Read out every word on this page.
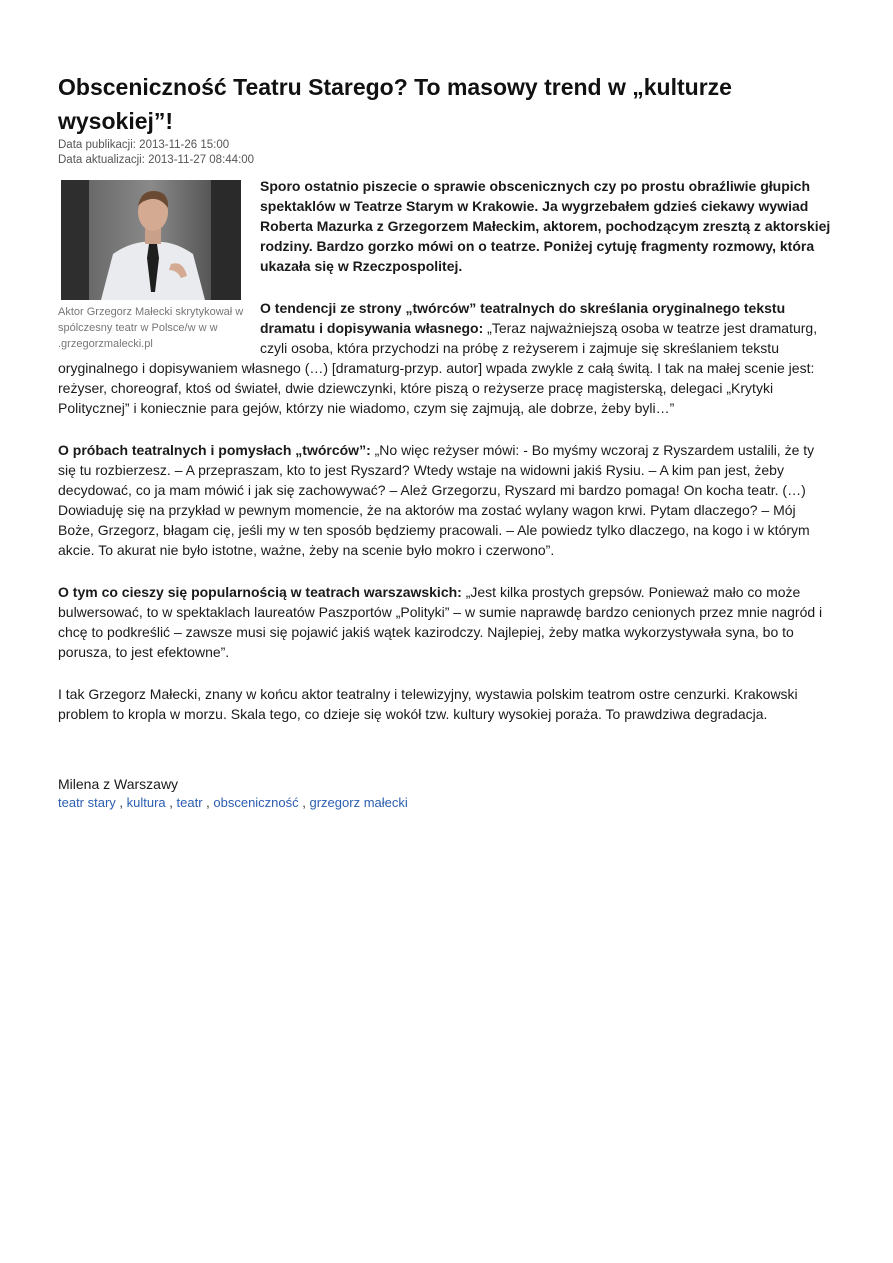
Obsceniczność Teatru Starego? To masowy trend w „kulturze wysokiej”!
Data publikacji: 2013-11-26 15:00
Data aktualizacji: 2013-11-27 08:44:00
Aktor Grzegorz Małecki skrytykował w spólczesny teatr w Polsce/w w w .grzegorzmalecki.pl

Sporo ostatnio piszecie o sprawie obscenicznych czy po prostu obraźliwie głupich spektaklów w Teatrze Starym w Krakowie. Ja wygrzebałem gdzieś ciekawy wywiad Roberta Mazurka z Grzegorzem Małeckim, aktorem, pochodzącym zresztą z aktorskiej rodziny. Bardzo gorzko mówi on o teatrze. Poniżej cytuję fragmenty rozmowy, która ukazała się w Rzeczpospolitej.

O tendencji ze strony „twórców” teatralnych do skreślania oryginalnego tekstu dramatu i dopisywania własnego: „Teraz najważniejszą osoba w teatrze jest dramaturg, czyli osoba, która przychodzi na próbę z reżyserem i zajmuje się skreślaniem tekstu oryginalnego i dopisywaniem własnego (…) [dramaturg-przyp. autor] wpada zwykle z całą świtą. I tak na małej scenie jest: reżyser, choreograf, ktoś od świateł, dwie dziewczynki, które piszą o reżyserze pracę magisterską, delegaci „Krytyki Politycznej” i koniecznie para gejów, którzy nie wiadomo, czym się zajmują, ale dobrze, żeby byli…”

O próbach teatralnych i pomysłach „twórców”: „No więc reżyser mówi: - Bo myśmy wczoraj z Ryszardem ustalili, że ty się tu rozbierzesz. – A przepraszam, kto to jest Ryszard? Wtedy wstaje na widowni jakiś Rysiu. – A kim pan jest, żeby decydować, co ja mam mówić i jak się zachowywać? – Ależ Grzegorzu, Ryszard mi bardzo pomaga! On kocha teatr. (…) Dowiaduję się na przykład w pewnym momencie, że na aktorów ma zostać wylany wagon krwi. Pytam dlaczego? – Mój Boże, Grzegorz, błagam cię, jeśli my w ten sposób będziemy pracowali. – Ale powiedz tylko dlaczego, na kogo i w którym akcie. To akurat nie było istotne, ważne, żeby na scenie było mokro i czerwono”.

O tym co cieszy się popularnością w teatrach warszawskich: „Jest kilka prostych grepsów. Ponieważ mało co może bulwersować, to w spektaklach laureatów Paszportów „Polityki” – w sumie naprawdę bardzo cenionych przez mnie nagród i chcę to podkreślić – zawsze musi się pojawić jakiś wątek kazirodczy. Najlepiej, żeby matka wykorzystywała syna, bo to porusza, to jest efektowne”.

I tak Grzegorz Małecki, znany w końcu aktor teatralny i telewizyjny, wystawia polskim teatrom ostre cenzurki. Krakowski problem to kropla w morzu. Skala tego, co dzieje się wokół tzw. kultury wysokiej poraża. To prawdziwa degradacja.

Milena z Warszawy
teatr stary , kultura , teatr , obsceniczność , grzegorz małecki
